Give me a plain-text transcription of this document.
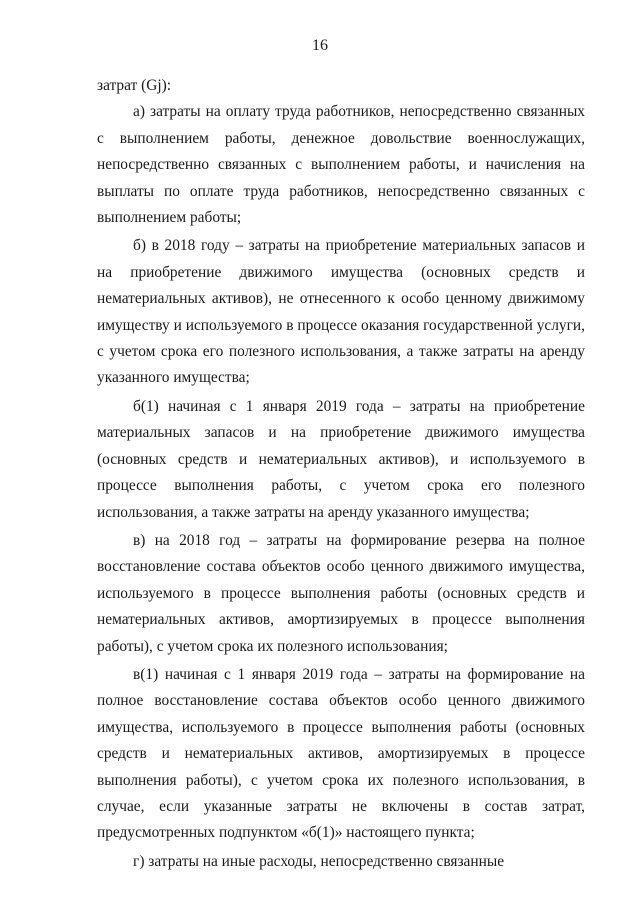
16

затрат (Gj):

а) затраты на оплату труда работников, непосредственно связанных с выполнением работы, денежное довольствие военнослужащих, непосредственно связанных с выполнением работы, и начисления на выплаты по оплате труда работников, непосредственно связанных с выполнением работы;

б) в 2018 году – затраты на приобретение материальных запасов и на приобретение движимого имущества (основных средств и нематериальных активов), не отнесенного к особо ценному движимому имуществу и используемого в процессе оказания государственной услуги, с учетом срока его полезного использования, а также затраты на аренду указанного имущества;

б(1) начиная с 1 января 2019 года – затраты на приобретение материальных запасов и на приобретение движимого имущества (основных средств и нематериальных активов), и используемого в процессе выполнения работы, с учетом срока его полезного использования, а также затраты на аренду указанного имущества;

в) на 2018 год – затраты на формирование резерва на полное восстановление состава объектов особо ценного движимого имущества, используемого в процессе выполнения работы (основных средств и нематериальных активов, амортизируемых в процессе выполнения работы), с учетом срока их полезного использования;

в(1) начиная с 1 января 2019 года – затраты на формирование на полное восстановление состава объектов особо ценного движимого имущества, используемого в процессе выполнения работы (основных средств и нематериальных активов, амортизируемых в процессе выполнения работы), с учетом срока их полезного использования, в случае, если указанные затраты не включены в состав затрат, предусмотренных подпунктом «б(1)» настоящего пункта;

г) затраты на иные расходы, непосредственно связанные
